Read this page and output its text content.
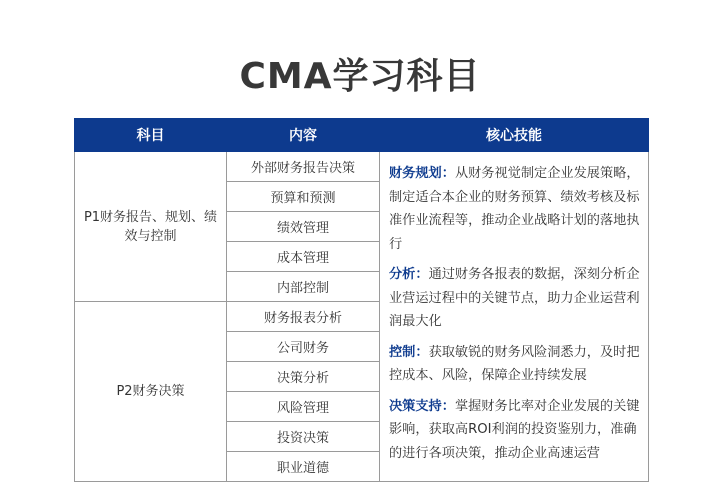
CMA学习科目
科目	内容	核心技能
P1财务报告、规划、绩效与控制	外部财务报告决策	财务规划：从财务视觉制定企业发展策略，制定适合本企业的财务预算、绩效考核及标准作业流程等，推动企业战略计划的落地执行
分析：通过财务各报表的数据，深刻分析企业营运过程中的关键节点，助力企业运营利润最大化
控制：获取敏锐的财务风险洞悉力，及时把控成本、风险，保障企业持续发展
决策支持：掌握财务比率对企业发展的关键影响，获取高ROI利润的投资鉴别力，准确的进行各项决策，推动企业高速运营

	预算和预测	
	绩效管理	
	成本管理	
	内部控制	
P2财务决策	财务报表分析	
	公司财务	
	决策分析	
	风险管理	
	投资决策	
	职业道德	
